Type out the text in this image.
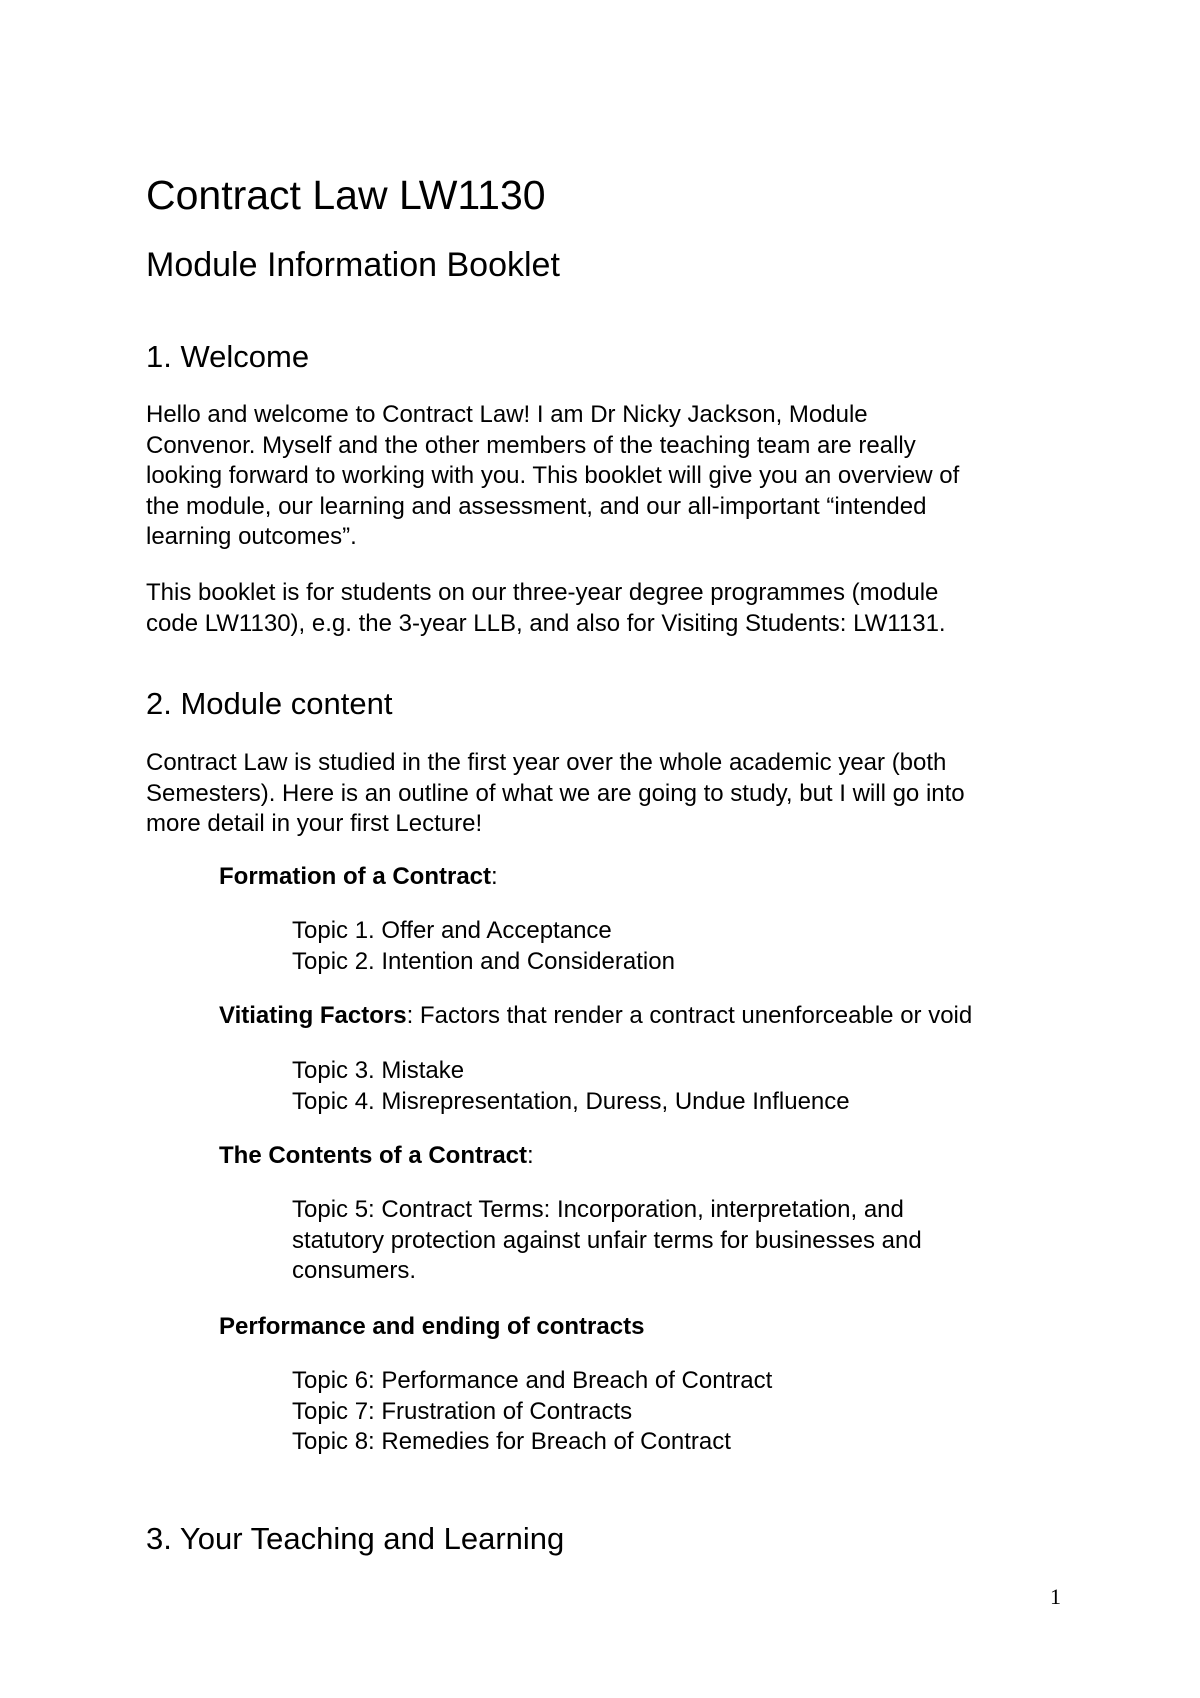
Contract Law LW1130
Module Information Booklet
1. Welcome

Hello and welcome to Contract Law! I am Dr Nicky Jackson, Module
Convenor. Myself and the other members of the teaching team are really
looking forward to working with you. This booklet will give you an overview of
the module, our learning and assessment, and our all-important “intended
learning outcomes”.

This booklet is for students on our three-year degree programmes (module
code LW1130), e.g. the 3-year LLB, and also for Visiting Students: LW1131.

2. Module content

Contract Law is studied in the first year over the whole academic year (both
Semesters). Here is an outline of what we are going to study, but I will go into
more detail in your first Lecture!

Formation of a Contract:

Topic 1. Offer and Acceptance
Topic 2. Intention and Consideration

Vitiating Factors: Factors that render a contract unenforceable or void

Topic 3. Mistake
Topic 4. Misrepresentation, Duress, Undue Influence

The Contents of a Contract:

Topic 5: Contract Terms: Incorporation, interpretation, and
statutory protection against unfair terms for businesses and
consumers.

Performance and ending of contracts

Topic 6: Performance and Breach of Contract
Topic 7: Frustration of Contracts
Topic 8: Remedies for Breach of Contract

3. Your Teaching and Learning
1
